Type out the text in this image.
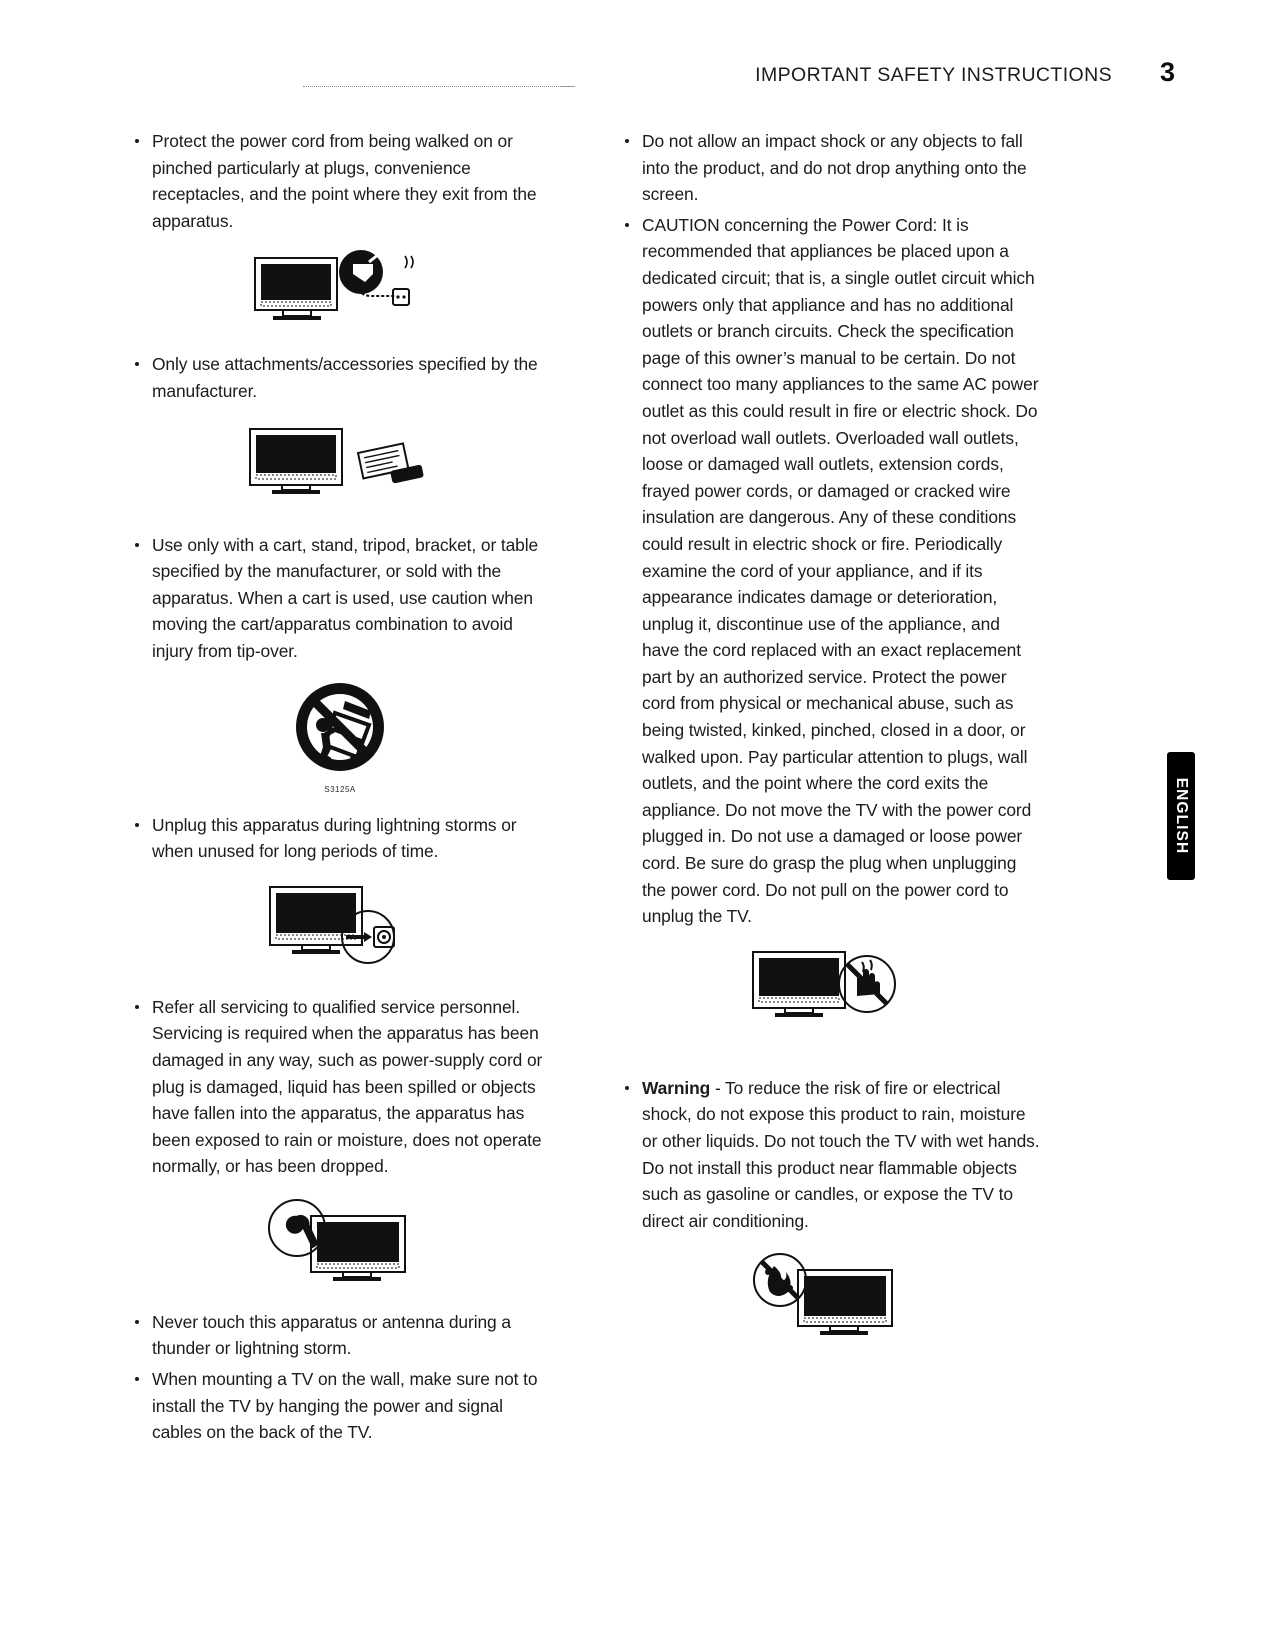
IMPORTANT SAFETY INSTRUCTIONS 3
ENGLISH
Protect the power cord from being walked on or pinched particularly at plugs, convenience receptacles, and the point where they exit from the apparatus.
Only use attachments/accessories specified by the manufacturer.
Use only with a cart, stand, tripod, bracket, or table specified by the manufacturer, or sold with the apparatus. When a cart is used, use caution when moving the cart/apparatus combination to avoid injury from tip-over.
S3125A
Unplug this apparatus during lightning storms or when unused for long periods of time.
Refer all servicing to qualified service personnel. Servicing is required when the apparatus has been damaged in any way, such as power-supply cord or plug is damaged, liquid has been spilled or objects have fallen into the apparatus, the apparatus has been exposed to rain or moisture, does not operate normally, or has been dropped.
Never touch this apparatus or antenna during a thunder or lightning storm.
When mounting a TV on the wall, make sure not to install the TV by hanging the power and signal cables on the back of the TV.
Do not allow an impact shock or any objects to fall into the product, and do not drop anything onto the screen.
CAUTION concerning the Power Cord: It is recommended that appliances be placed upon a dedicated circuit; that is, a single outlet circuit which powers only that appliance and has no additional outlets or branch circuits. Check the specification page of this owner’s manual to be certain. Do not connect too many appliances to the same AC power outlet as this could result in fire or electric shock. Do not overload wall outlets. Overloaded wall outlets, loose or damaged wall outlets, extension cords, frayed power cords, or damaged or cracked wire insulation are dangerous. Any of these conditions could result in electric shock or fire. Periodically examine the cord of your appliance, and if its appearance indicates damage or deterioration, unplug it, discontinue use of the appliance, and have the cord replaced with an exact replacement part by an authorized service. Protect the power cord from physical or mechanical abuse, such as being twisted, kinked, pinched, closed in a door, or walked upon. Pay particular attention to plugs, wall outlets, and the point where the cord exits the appliance. Do not move the TV with the power cord plugged in. Do not use a damaged or loose power cord. Be sure do grasp the plug when unplugging the power cord. Do not pull on the power cord to unplug the TV.
Warning - To reduce the risk of fire or electrical shock, do not expose this product to rain, moisture or other liquids. Do not touch the TV with wet hands. Do not install this product near flammable objects such as gasoline or candles, or expose the TV to direct air conditioning.
